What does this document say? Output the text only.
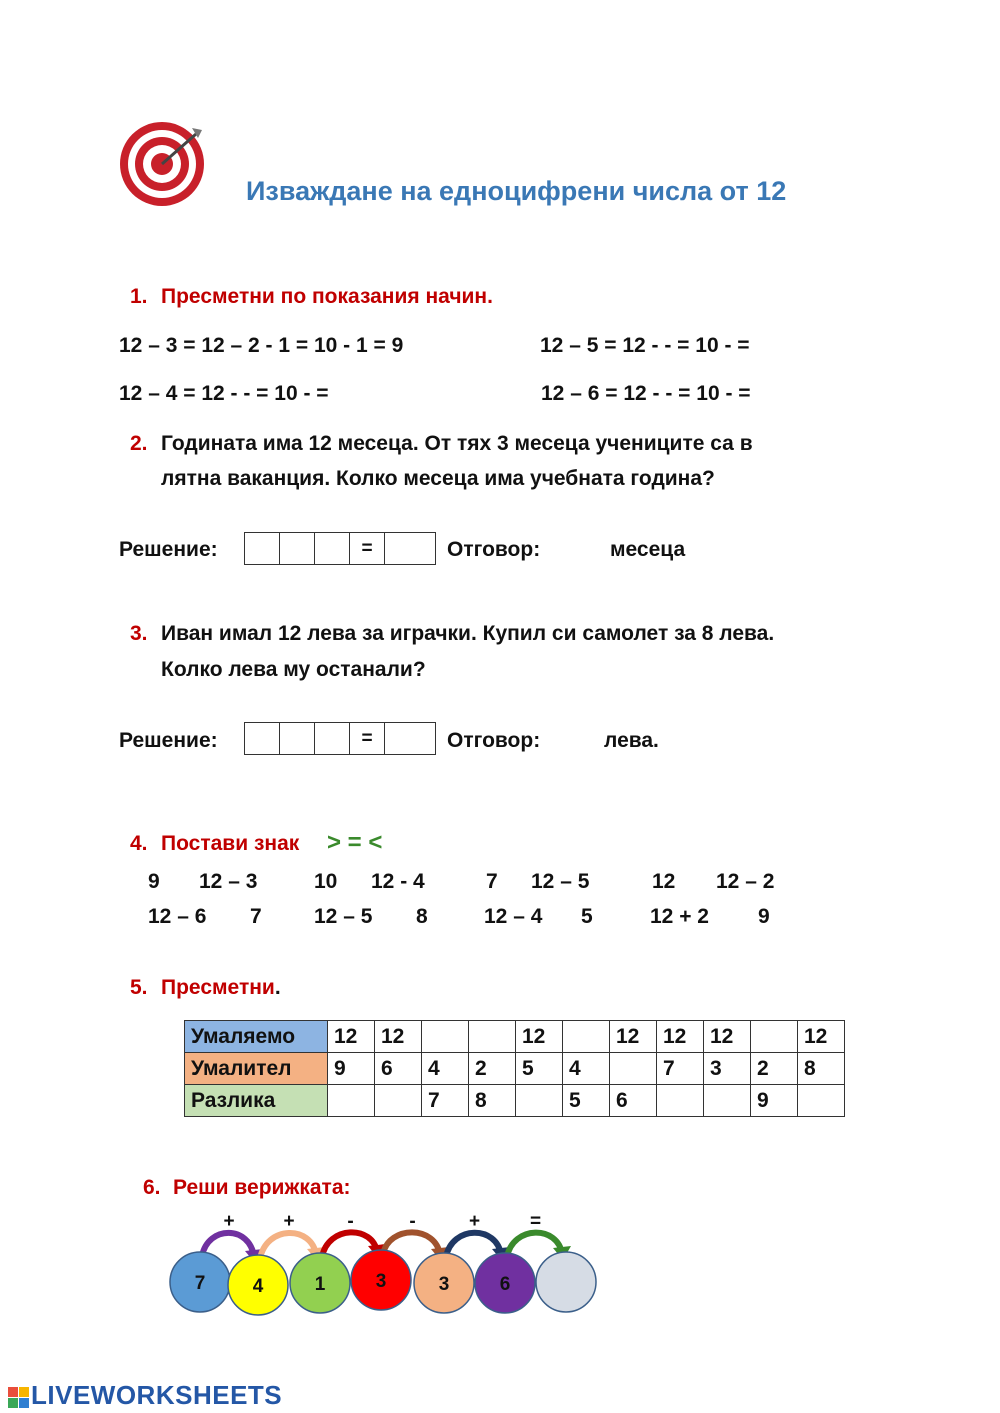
Изваждане на едноцифрени числа от 12
1. Пресметни по показания начин.
12 – 3 = 12 – 2 - 1 = 10 - 1 = 9	12 – 5 = 12 - - = 10 - =
12 – 4 = 12 - - = 10 - =	12 – 6 = 12 - - = 10 - =
2. Годината има 12 месеца. От тях 3 месеца учениците са в
лятна ваканция. Колко месеца има учебната година?
Решение:	=	Отговор:	месеца
3. Иван имал 12 лева за играчки. Купил си самолет за 8 лева.
Колко лева му останали?
Решение:	=	Отговор:	лева.
4. Постави знак > = <
9 12 – 3	10 12 - 4	7 12 – 5	12 12 – 2
12 – 6 7 12 – 5 8	12 – 4 5	12 + 2 9
5. Пресметни.
Умаляемо	12	12			12		12	12	12		12
Умалител	9	6	4	2	5	4		7	3	2	8
Разлика			7	8		5	6			9	
6. Реши верижката:
+	+	-	-	+	=
7 4	1	3	3	6
LIVEWORKSHEETS
